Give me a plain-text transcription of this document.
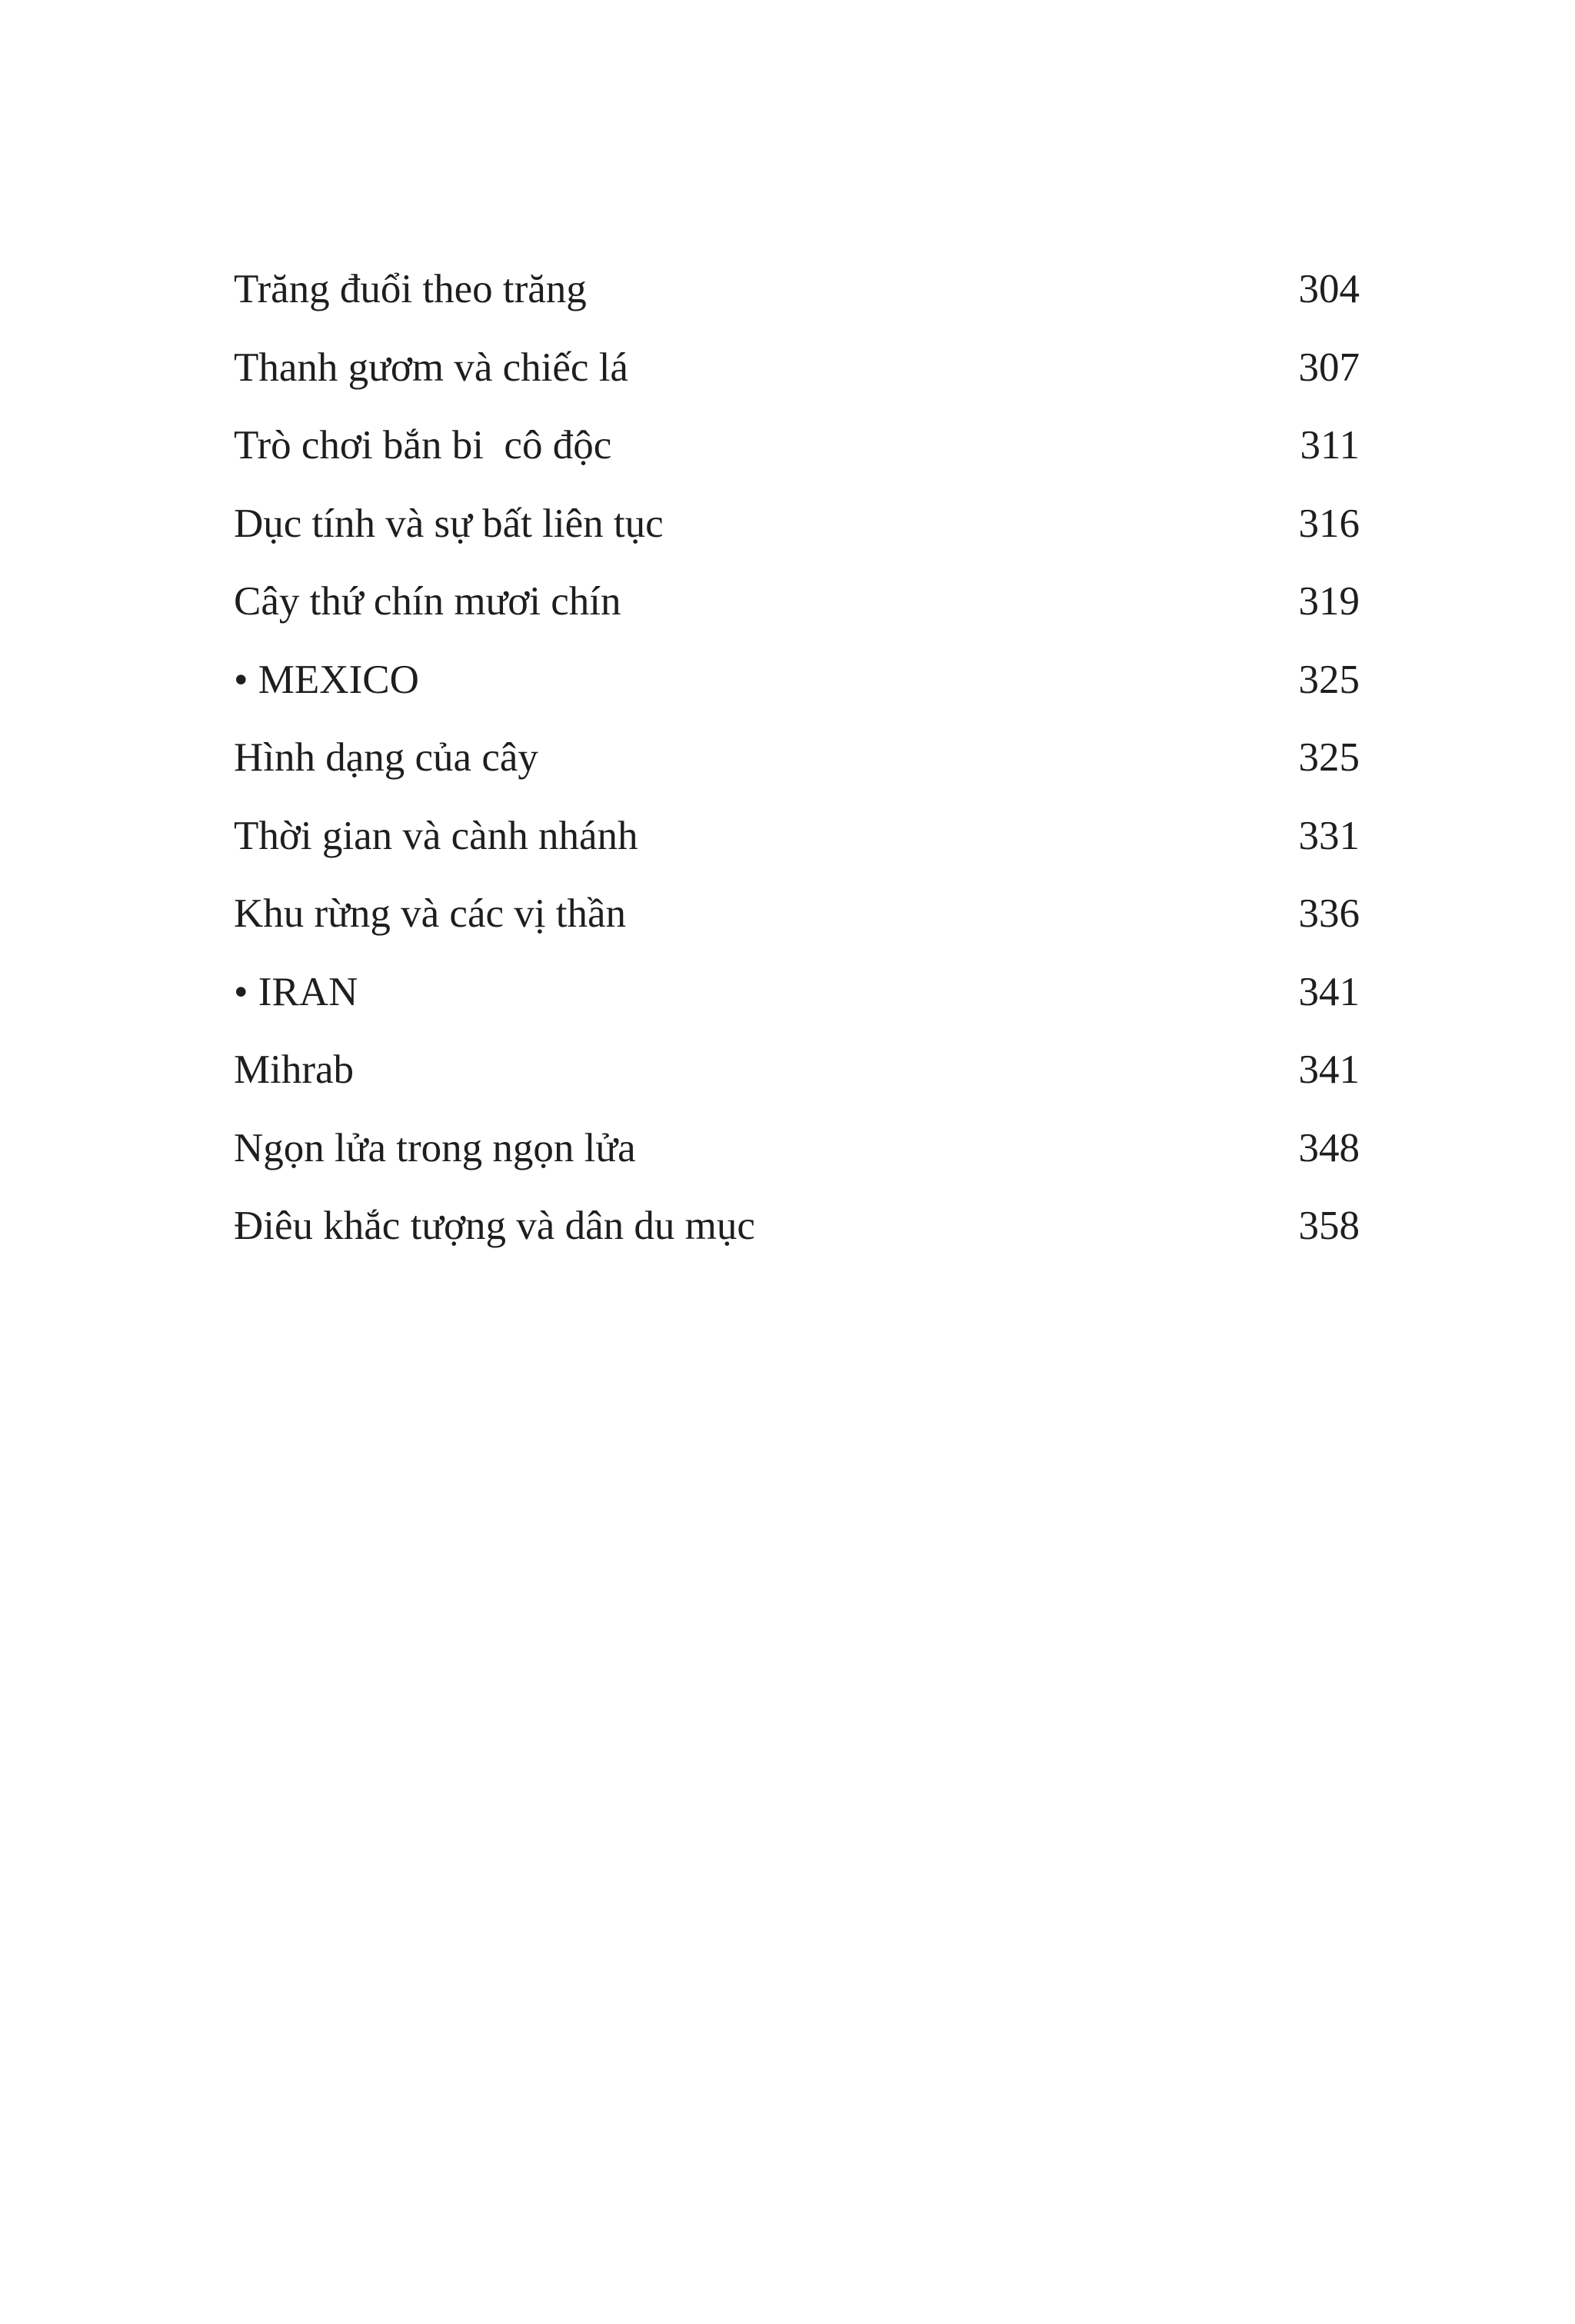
Trăng đuổi theo trăng	304
Thanh gươm và chiếc lá	307
Trò chơi bắn bi  cô độc	311
Dục tính và sự bất liên tục	316
Cây thứ chín mươi chín	319
• MEXICO	325
Hình dạng của cây	325
Thời gian và cành nhánh	331
Khu rừng và các vị thần	336
• IRAN	341
Mihrab	341
Ngọn lửa trong ngọn lửa	348
Điêu khắc tượng và dân du mục	358
